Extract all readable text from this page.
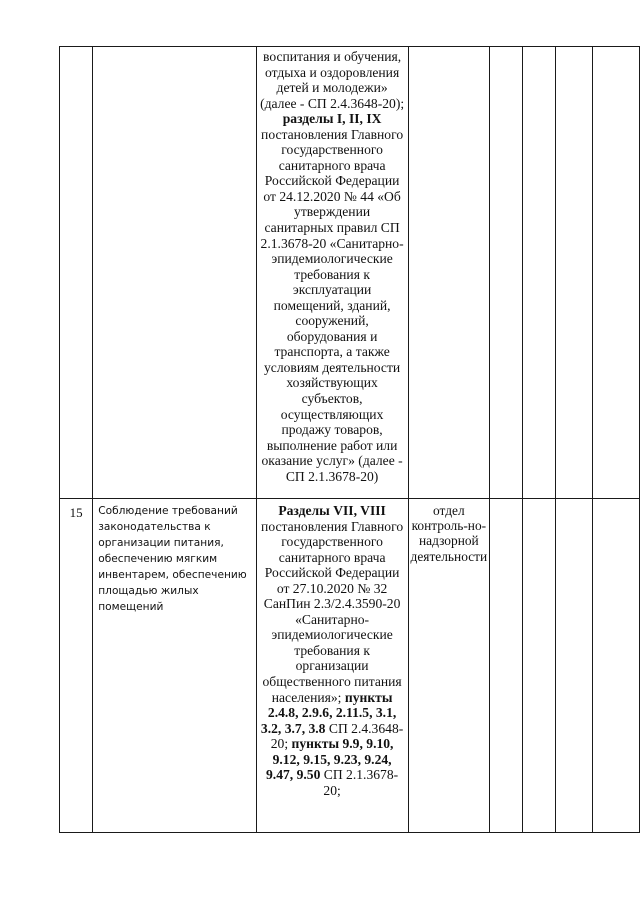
		воспитания и обучения, отдыха и оздоровления детей и молодежи» (далее - СП 2.4.3648-20); разделы I, II, IX постановления Главного государственного санитарного врача Российской Федерации от 24.12.2020 № 44 «Об утверждении санитарных правил СП 2.1.3678-20 «Санитарно-эпидемиологические требования к эксплуатации помещений, зданий, сооружений, оборудования и транспорта, а также условиям деятельности хозяйствующих субъектов, осуществляющих продажу товаров, выполнение работ или оказание услуг» (далее - СП 2.1.3678-20)					
15	Соблюдение требований законодательства к организации питания, обеспечению мягким инвентарем, обеспечению площадью жилых помещений	Разделы VII, VIII постановления Главного государственного санитарного врача Российской Федерации от 27.10.2020 № 32 СанПин 2.3/2.4.3590-20 «Санитарно-эпидемиологические требования к организации общественного питания населения»; пункты 2.4.8, 2.9.6, 2.11.5, 3.1, 3.2, 3.7, 3.8 СП 2.4.3648-20; пункты 9.9, 9.10, 9.12, 9.15, 9.23, 9.24, 9.47, 9.50 СП 2.1.3678-20;	отдел контроль-но-надзорной деятельности				
